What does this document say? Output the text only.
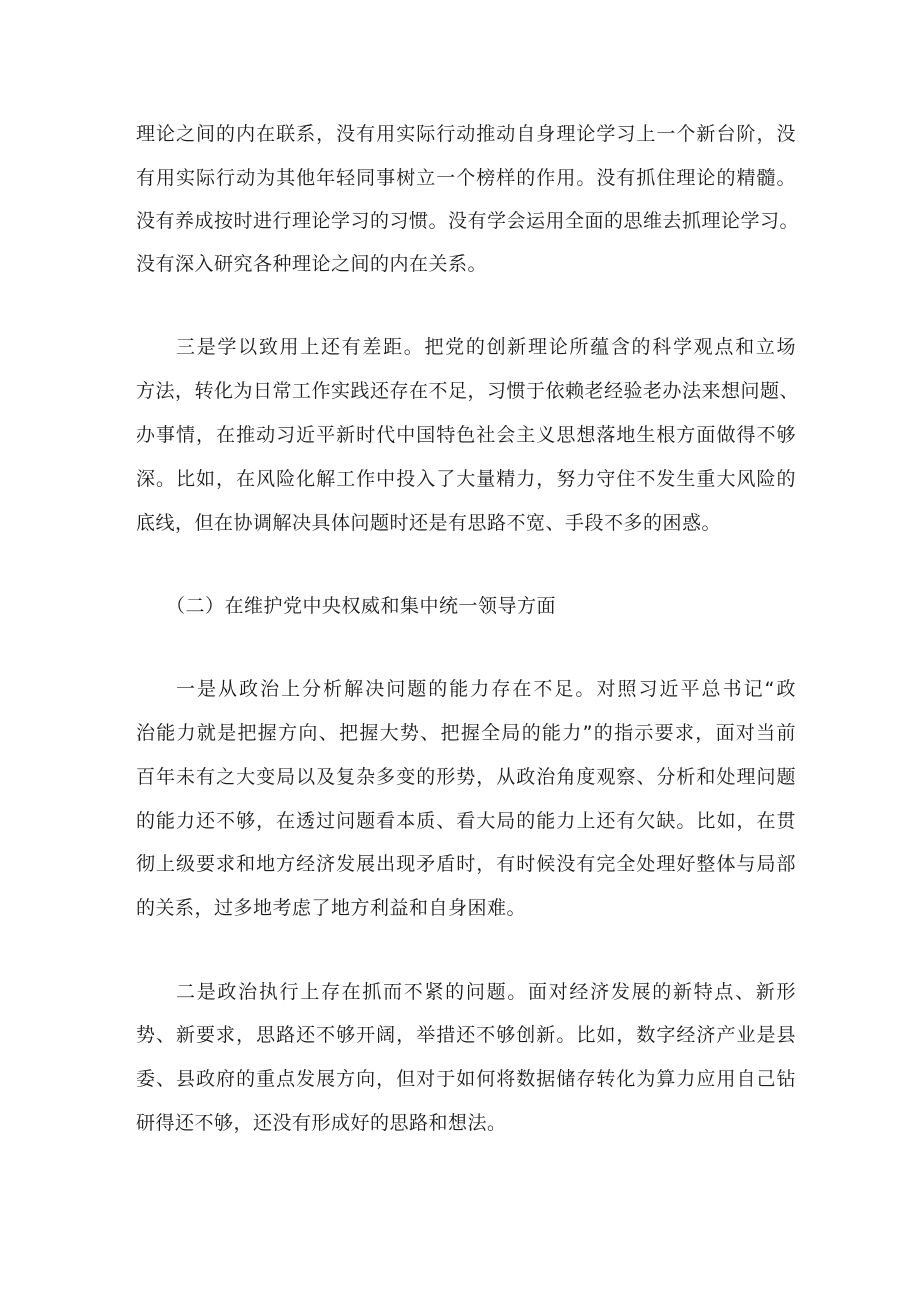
理论之间的内在联系，没有用实际行动推动自身理论学习上一个新台阶，没

有用实际行动为其他年轻同事树立一个榜样的作用。没有抓住理论的精髓。

没有养成按时进行理论学习的习惯。没有学会运用全面的思维去抓理论学习。

没有深入研究各种理论之间的内在关系。

三是学以致用上还有差距。把党的创新理论所蕴含的科学观点和立场

方法，转化为日常工作实践还存在不足，习惯于依赖老经验老办法来想问题、

办事情，在推动习近平新时代中国特色社会主义思想落地生根方面做得不够

深。比如，在风险化解工作中投入了大量精力，努力守住不发生重大风险的

底线，但在协调解决具体问题时还是有思路不宽、手段不多的困惑。

（二）在维护党中央权威和集中统一领导方面

一是从政治上分析解决问题的能力存在不足。对照习近平总书记“政

治能力就是把握方向、把握大势、把握全局的能力”的指示要求，面对当前

百年未有之大变局以及复杂多变的形势，从政治角度观察、分析和处理问题

的能力还不够，在透过问题看本质、看大局的能力上还有欠缺。比如，在贯

彻上级要求和地方经济发展出现矛盾时，有时候没有完全处理好整体与局部

的关系，过多地考虑了地方利益和自身困难。

二是政治执行上存在抓而不紧的问题。面对经济发展的新特点、新形

势、新要求，思路还不够开阔，举措还不够创新。比如，数字经济产业是县

委、县政府的重点发展方向，但对于如何将数据储存转化为算力应用自己钻

研得还不够，还没有形成好的思路和想法。
